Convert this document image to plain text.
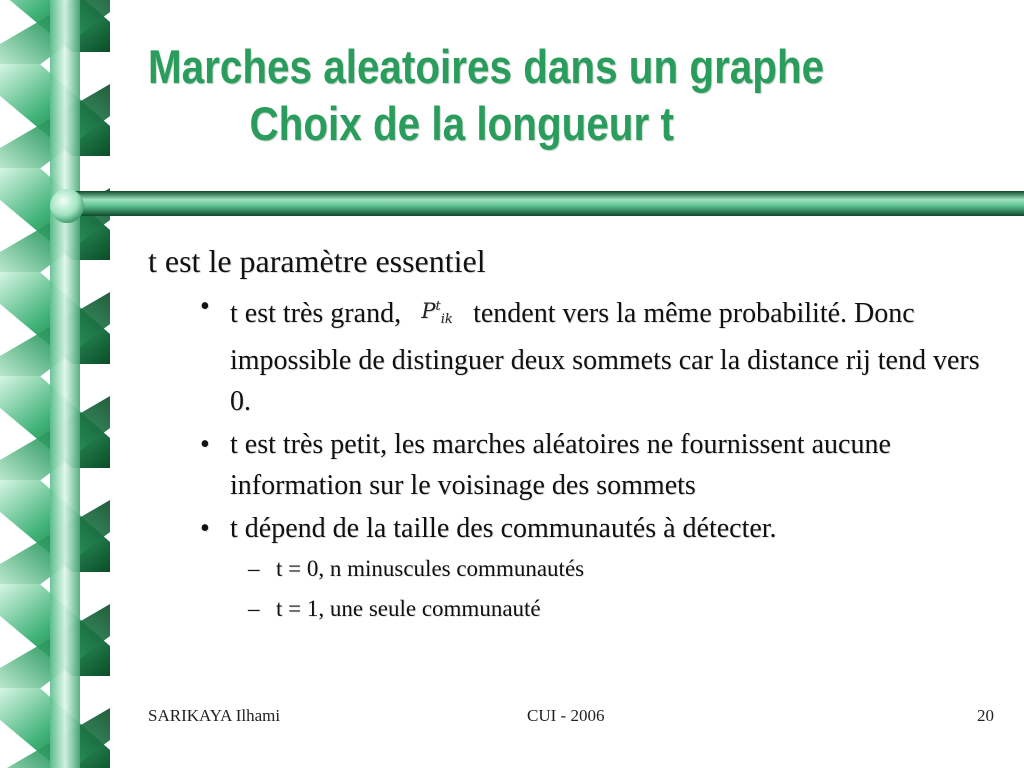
Marches aleatoires dans un graphe

Choix de la longueur t

t est le paramètre essentiel

• t est très grand, $P^t_{ik}$ tendent vers la même probabilité. Donc impossible de distinguer deux sommets car la distance rij tend vers 0.
• t est très petit, les marches aléatoires ne fournissent aucune information sur le voisinage des sommets
• t dépend de la taille des communautés à détecter.
– t = 0, n minuscules communautés
– t = 1, une seule communauté
SARIKAYA Ilhami	CUI - 2006	20
